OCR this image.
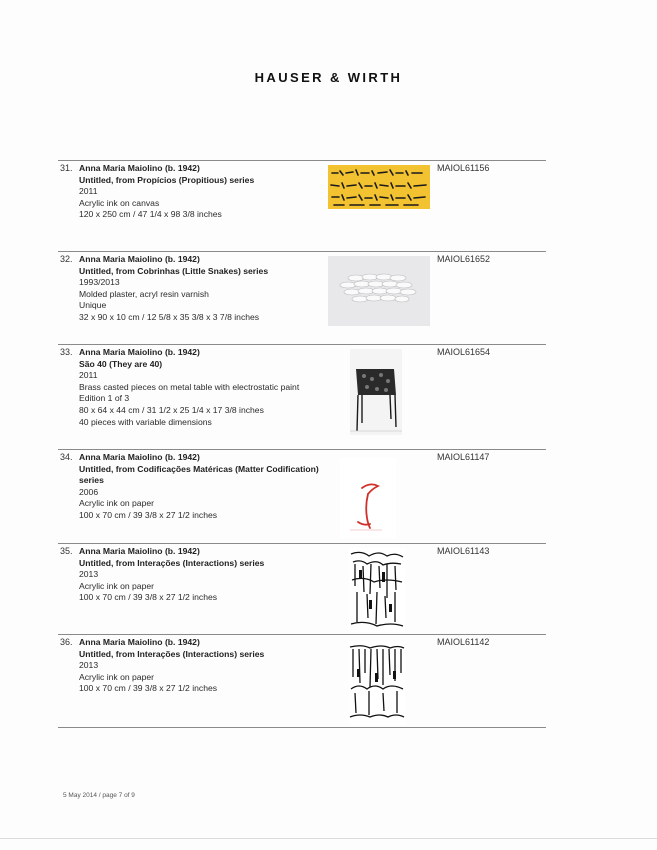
HAUSER & WIRTH
31. Anna Maria Maiolino (b. 1942)
Untitled, from Propícios (Propitious) series
2011
Acrylic ink on canvas
120 x 250 cm / 47 1/4 x 98 3/8 inches
MAIOL61156
32. Anna Maria Maiolino (b. 1942)
Untitled, from Cobrinhas (Little Snakes) series
1993/2013
Molded plaster, acryl resin varnish
Unique
32 x 90 x 10 cm / 12 5/8 x 35 3/8 x 3 7/8 inches
MAIOL61652
33. Anna Maria Maiolino (b. 1942)
São 40 (They are 40)
2011
Brass casted pieces on metal table with electrostatic paint
Edition 1 of 3
80 x 64 x 44 cm / 31 1/2 x 25 1/4 x 17 3/8 inches
40 pieces with variable dimensions
MAIOL61654
34. Anna Maria Maiolino (b. 1942)
Untitled, from Codificações Matéricas (Matter Codification) series
2006
Acrylic ink on paper
100 x 70 cm / 39 3/8 x 27 1/2 inches
MAIOL61147
35. Anna Maria Maiolino (b. 1942)
Untitled, from Interações (Interactions) series
2013
Acrylic ink on paper
100 x 70 cm / 39 3/8 x 27 1/2 inches
MAIOL61143
36. Anna Maria Maiolino (b. 1942)
Untitled, from Interações (Interactions) series
2013
Acrylic ink on paper
100 x 70 cm / 39 3/8 x 27 1/2 inches
MAIOL61142
5 May 2014 / page 7 of 9
